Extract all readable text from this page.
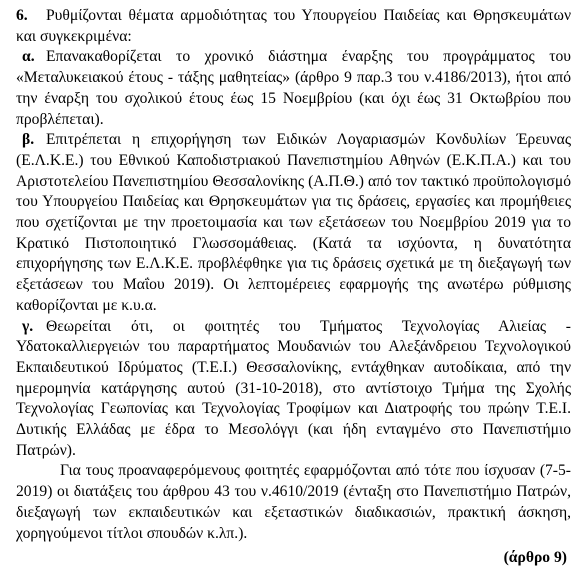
6. Ρυθμίζονται θέματα αρμοδιότητας του Υπουργείου Παιδείας και Θρησκευμάτων και συγκεκριμένα:

α. Επανακαθορίζεται το χρονικό διάστημα έναρξης του προγράμματος του «Μεταλυκειακού έτους - τάξης μαθητείας» (άρθρο 9 παρ.3 του ν.4186/2013), ήτοι από την έναρξη του σχολικού έτους έως 15 Νοεμβρίου (και όχι έως 31 Οκτωβρίου που προβλέπεται).

β. Επιτρέπεται η επιχορήγηση των Ειδικών Λογαριασμών Κονδυλίων Έρευνας (Ε.Λ.Κ.Ε.) του Εθνικού Καποδιστριακού Πανεπιστημίου Αθηνών (Ε.Κ.Π.Α.) και του Αριστοτελείου Πανεπιστημίου Θεσσαλονίκης (Α.Π.Θ.) από τον τακτικό προϋπολογισμό του Υπουργείου Παιδείας και Θρησκευμάτων για τις δράσεις, εργασίες και προμήθειες που σχετίζονται με την προετοιμασία και των εξετάσεων του Νοεμβρίου 2019 για το Κρατικό Πιστοποιητικό Γλωσσομάθειας. (Κατά τα ισχύοντα, η δυνατότητα επιχορήγησης των Ε.Λ.Κ.Ε. προβλέφθηκε για τις δράσεις σχετικά με τη διεξαγωγή των εξετάσεων του Μαΐου 2019). Οι λεπτομέρειες εφαρμογής της ανωτέρω ρύθμισης καθορίζονται με κ.υ.α.

γ. Θεωρείται ότι, οι φοιτητές του Τμήματος Τεχνολογίας Αλιείας - Υδατοκαλλιεργειών του παραρτήματος Μουδανιών του Αλεξάνδρειου Τεχνολογικού Εκπαιδευτικού Ιδρύματος (Τ.Ε.Ι.) Θεσσαλονίκης, εντάχθηκαν αυτοδίκαια, από την ημερομηνία κατάργησης αυτού (31-10-2018), στο αντίστοιχο Τμήμα της Σχολής Τεχνολογίας Γεωπονίας και Τεχνολογίας Τροφίμων και Διατροφής του πρώην Τ.Ε.Ι. Δυτικής Ελλάδας με έδρα το Μεσολόγγι (και ήδη ενταγμένο στο Πανεπιστήμιο Πατρών).

Για τους προαναφερόμενους φοιτητές εφαρμόζονται από τότε που ίσχυσαν (7-5-2019) οι διατάξεις του άρθρου 43 του ν.4610/2019 (ένταξη στο Πανεπιστήμιο Πατρών, διεξαγωγή των εκπαιδευτικών και εξεταστικών διαδικασιών, πρακτική άσκηση, χορηγούμενοι τίτλοι σπουδών κ.λπ.).

(άρθρο 9)
